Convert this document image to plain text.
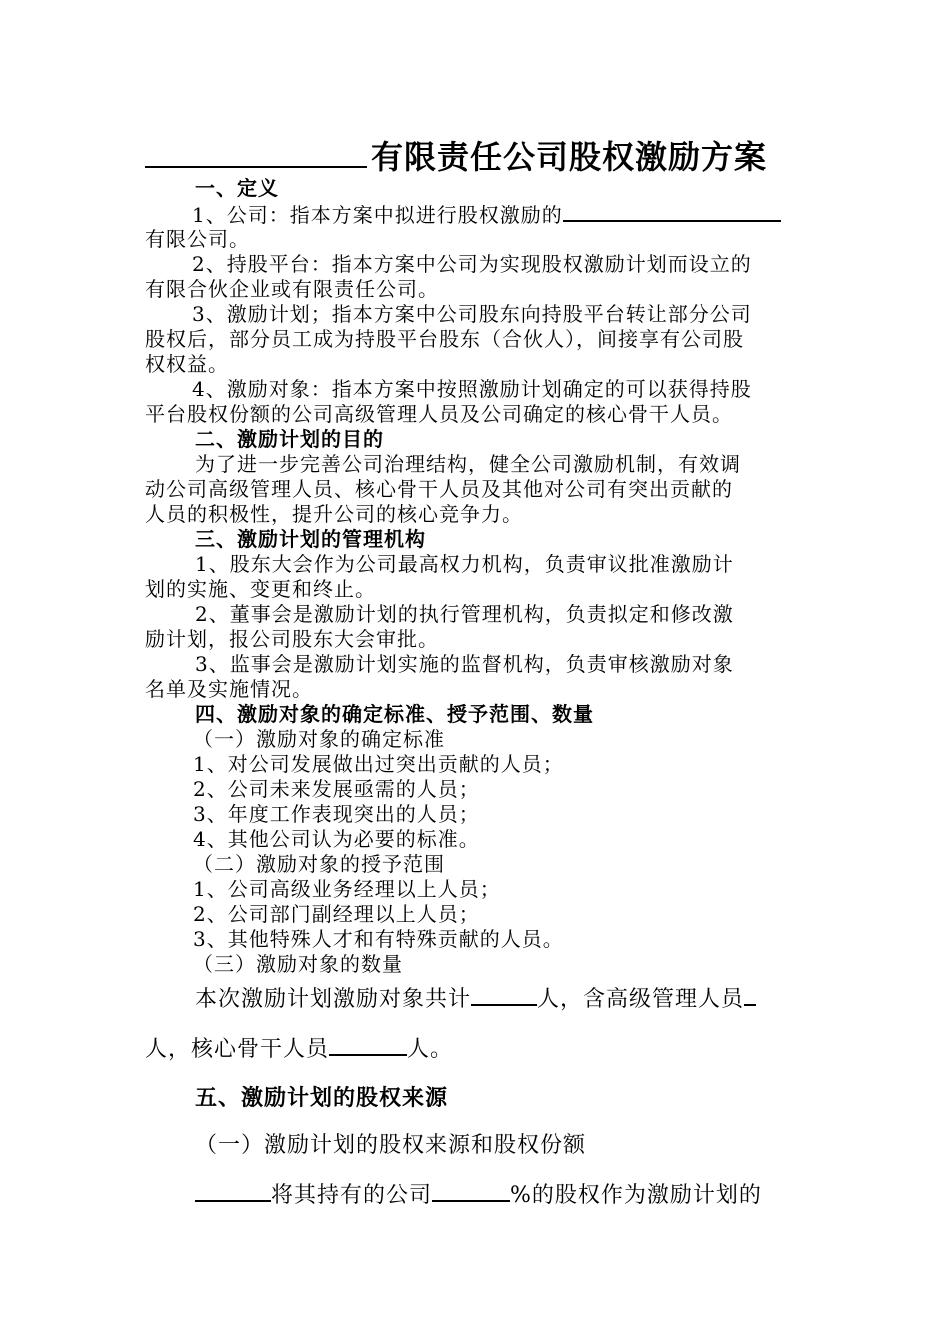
有限责任公司股权激励方案
一、定义
1、公司：指本方案中拟进行股权激励的
有限公司。
2、持股平台：指本方案中公司为实现股权激励计划而设立的
有限合伙企业或有限责任公司。
3、激励计划；指本方案中公司股东向持股平台转让部分公司
股权后，部分员工成为持股平台股东（合伙人），间接享有公司股
权权益。
4、激励对象：指本方案中按照激励计划确定的可以获得持股
平台股权份额的公司高级管理人员及公司确定的核心骨干人员。
二、激励计划的目的
为了进一步完善公司治理结构，健全公司激励机制，有效调
动公司高级管理人员、核心骨干人员及其他对公司有突出贡献的
人员的积极性，提升公司的核心竞争力。
三、激励计划的管理机构
1、股东大会作为公司最高权力机构，负责审议批准激励计
划的实施、变更和终止。
2、董事会是激励计划的执行管理机构，负责拟定和修改激
励计划，报公司股东大会审批。
3、监事会是激励计划实施的监督机构，负责审核激励对象
名单及实施情况。
四、激励对象的确定标准、授予范围、数量
（一）激励对象的确定标准
1、对公司发展做出过突出贡献的人员；
2、公司未来发展亟需的人员；
3、年度工作表现突出的人员；
4、其他公司认为必要的标准。
（二）激励对象的授予范围
1、公司高级业务经理以上人员；
2、公司部门副经理以上人员；
3、其他特殊人才和有特殊贡献的人员。
（三）激励对象的数量
本次激励计划激励对象共计	人，含高级管理人员
人，核心骨干人员	人。
五、激励计划的股权来源
（一）激励计划的股权来源和股权份额
将其持有的公司	%的股权作为激励计划的
